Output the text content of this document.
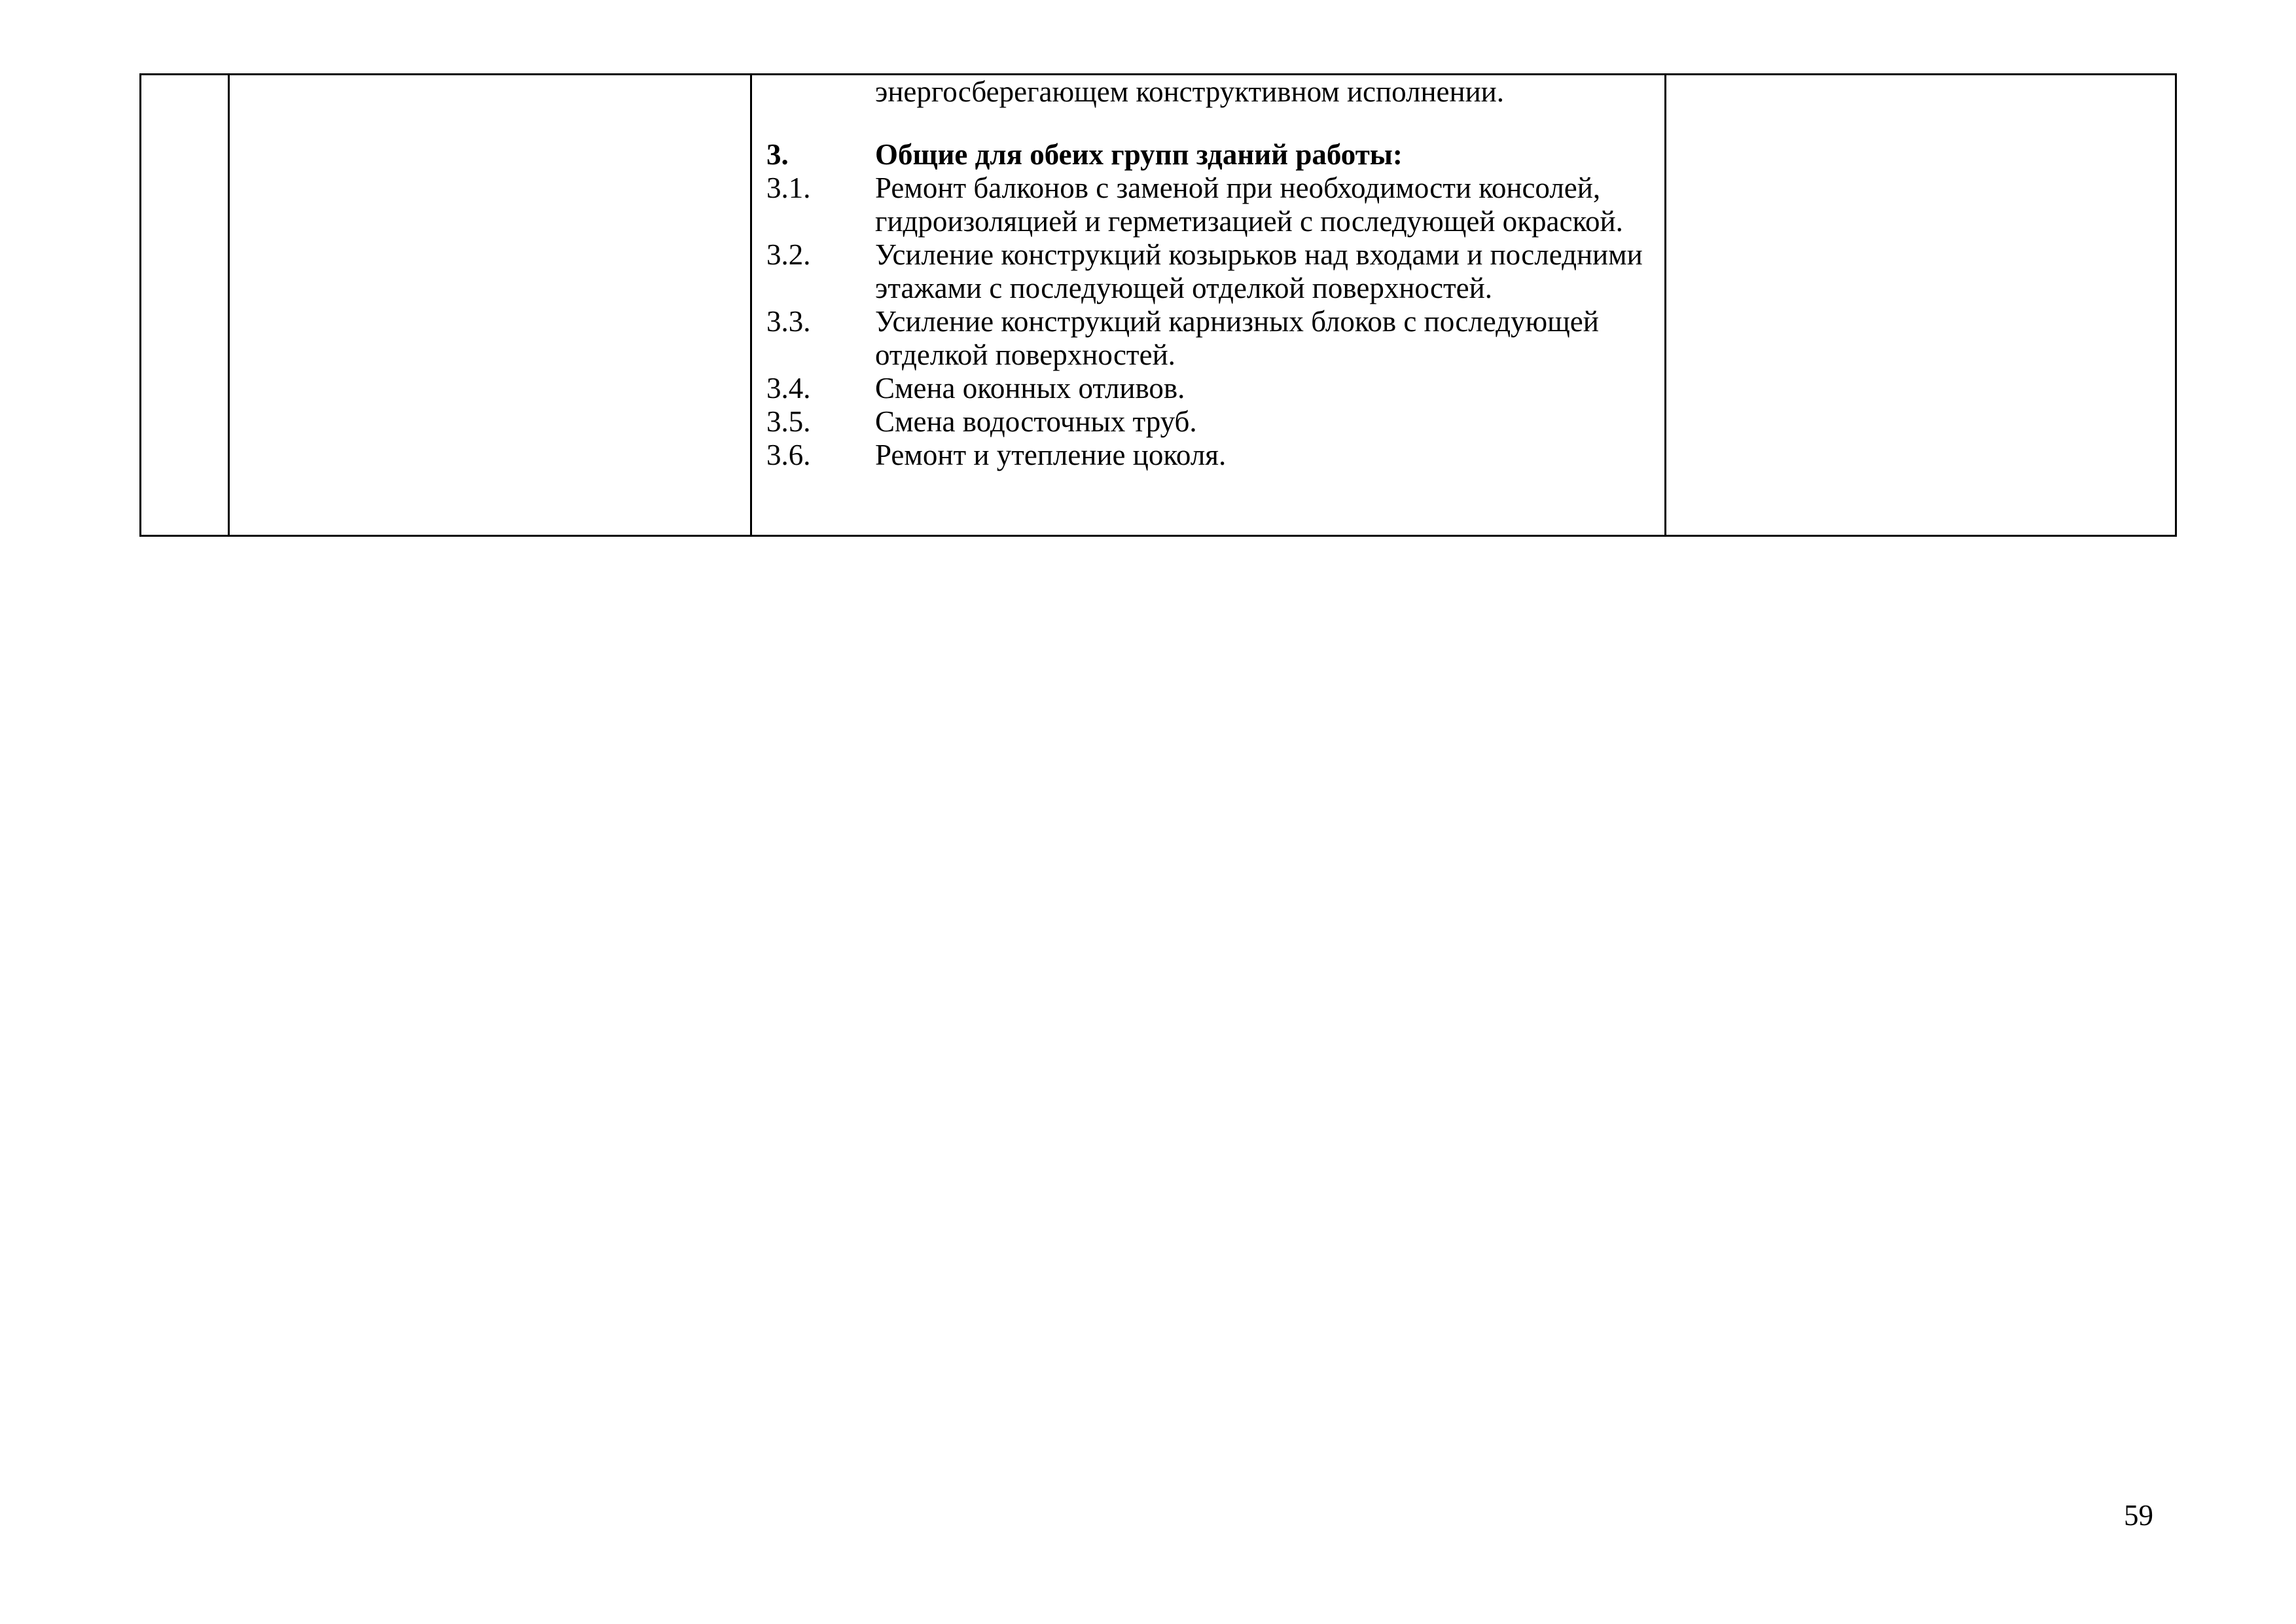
энергосберегающем конструктивном исполнении.
3.	Общие для обеих групп зданий работы:
3.1.	Ремонт балконов с заменой при необходимости консолей, гидроизоляцией и герметизацией с последующей окраской.
3.2.	Усиление конструкций козырьков над входами и последними этажами с последующей отделкой поверхностей.
3.3.	Усиление конструкций карнизных блоков с последующей отделкой поверхностей.
3.4.	Смена оконных отливов.
3.5.	Смена водосточных труб.
3.6.	Ремонт и утепление цоколя.

59
